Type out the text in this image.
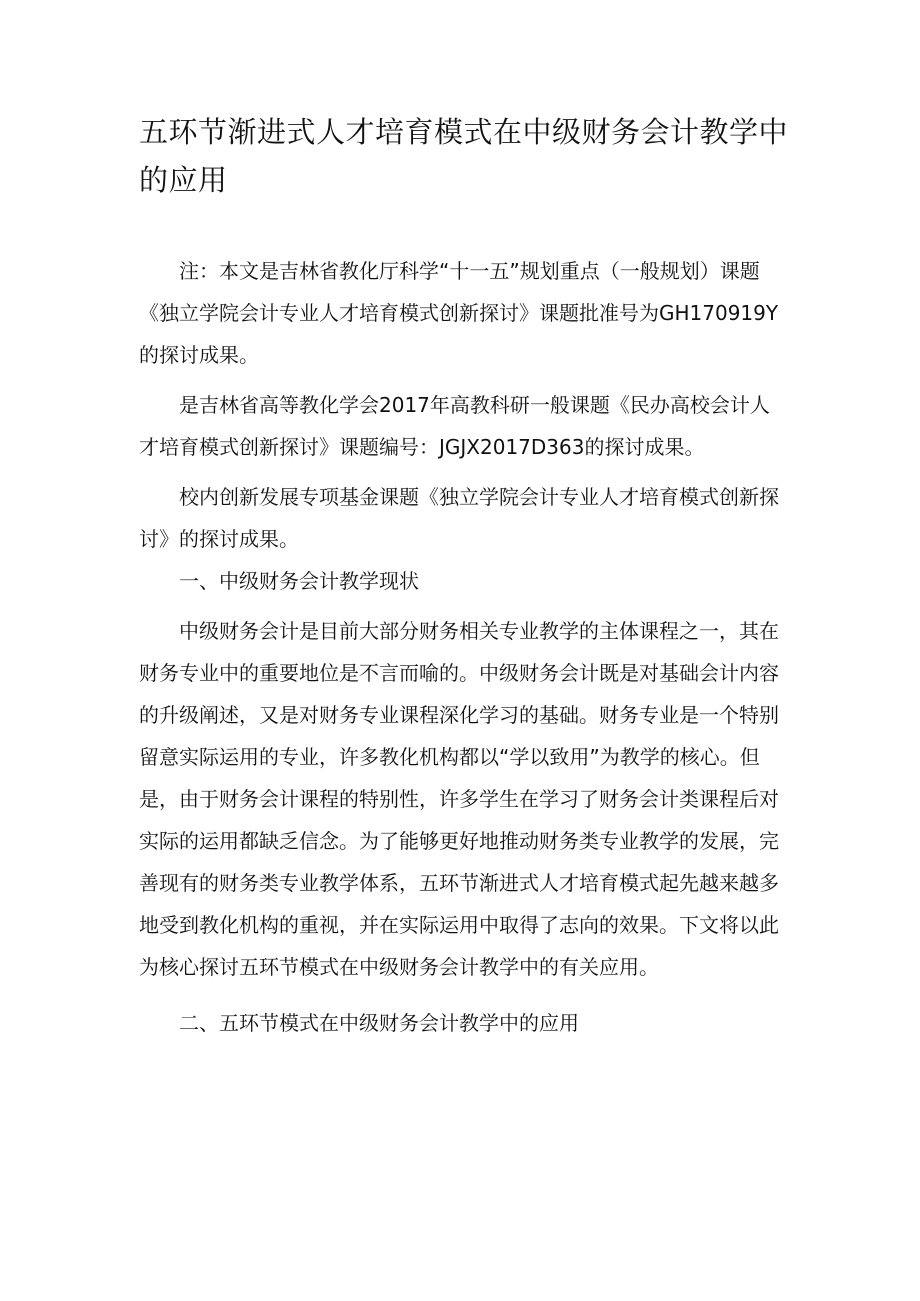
五环节渐进式人才培育模式在中级财务会计教学中的应用

注：本文是吉林省教化厅科学“十一五”规划重点（一般规划）课题《独立学院会计专业人才培育模式创新探讨》课题批准号为GH170919Y的探讨成果。

是吉林省高等教化学会2017年高教科研一般课题《民办高校会计人才培育模式创新探讨》课题编号：JGJX2017D363的探讨成果。

校内创新发展专项基金课题《独立学院会计专业人才培育模式创新探讨》的探讨成果。

一、中级财务会计教学现状

中级财务会计是目前大部分财务相关专业教学的主体课程之一，其在财务专业中的重要地位是不言而喻的。中级财务会计既是对基础会计内容的升级阐述，又是对财务专业课程深化学习的基础。财务专业是一个特别留意实际运用的专业，许多教化机构都以“学以致用”为教学的核心。但是，由于财务会计课程的特别性，许多学生在学习了财务会计类课程后对实际的运用都缺乏信念。为了能够更好地推动财务类专业教学的发展，完善现有的财务类专业教学体系，五环节渐进式人才培育模式起先越来越多地受到教化机构的重视，并在实际运用中取得了志向的效果。下文将以此为核心探讨五环节模式在中级财务会计教学中的有关应用。

二、五环节模式在中级财务会计教学中的应用
